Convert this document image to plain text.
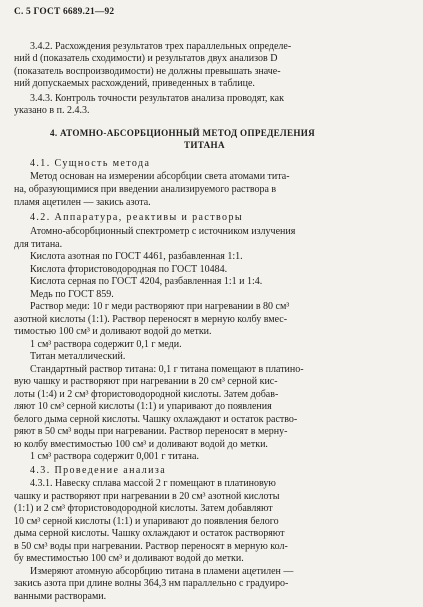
С. 5 ГОСТ 6689.21—92
3.4.2. Расхождения результатов трех параллельных определе-
ний d (показатель сходимости) и результатов двух анализов D
(показатель воспроизводимости) не должны превышать значе-
ний допускаемых расхождений, приведенных в таблице.
3.4.3. Контроль точности результатов анализа проводят, как
указано в п. 2.4.3.
4. АТОМНО-АБСОРБЦИОННЫЙ МЕТОД ОПРЕДЕЛЕНИЯ
ТИТАНА
4.1. Сущность метода
Метод основан на измерении абсорбции света атомами тита-
на, образующимися при введении анализируемого раствора в
пламя ацетилен — закись азота.
4.2. Аппаратура, реактивы и растворы
Атомно-абсорбционный спектрометр с источником излучения
для титана.
Кислота азотная по ГОСТ 4461, разбавленная 1:1.
Кислота фтористоводородная по ГОСТ 10484.
Кислота серная по ГОСТ 4204, разбавленная 1:1 и 1:4.
Медь по ГОСТ 859.
Раствор меди: 10 г меди растворяют при нагревании в 80 см³
азотной кислоты (1:1). Раствор переносят в мерную колбу вмес-
тимостью 100 см³ и доливают водой до метки.
1 см³ раствора содержит 0,1 г меди.
Титан металлический.
Стандартный раствор титана: 0,1 г титана помещают в платино-
вую чашку и растворяют при нагревании в 20 см³ серной кис-
лоты (1:4) и 2 см³ фтористоводородной кислоты. Затем добав-
ляют 10 см³ серной кислоты (1:1) и упаривают до появления
белого дыма серной кислоты. Чашку охлаждают и остаток раство-
ряют в 50 см³ воды при нагревании. Раствор переносят в мерну-
ю колбу вместимостью 100 см³ и доливают водой до метки.
1 см³ раствора содержит 0,001 г титана.
4.3. Проведение анализа
4.3.1. Навеску сплава массой 2 г помещают в платиновую
чашку и растворяют при нагревании в 20 см³ азотной кислоты
(1:1) и 2 см³ фтористоводородной кислоты. Затем добавляют
10 см³ серной кислоты (1:1) и упаривают до появления белого
дыма серной кислоты. Чашку охлаждают и остаток растворяют
в 50 см³ воды при нагревании. Раствор переносят в мерную кол-
бу вместимостью 100 см³ и доливают водой до метки.
Измеряют атомную абсорбцию титана в пламени ацетилен —
закись азота при длине волны 364,3 нм параллельно с градуиро-
ванными растворами.
